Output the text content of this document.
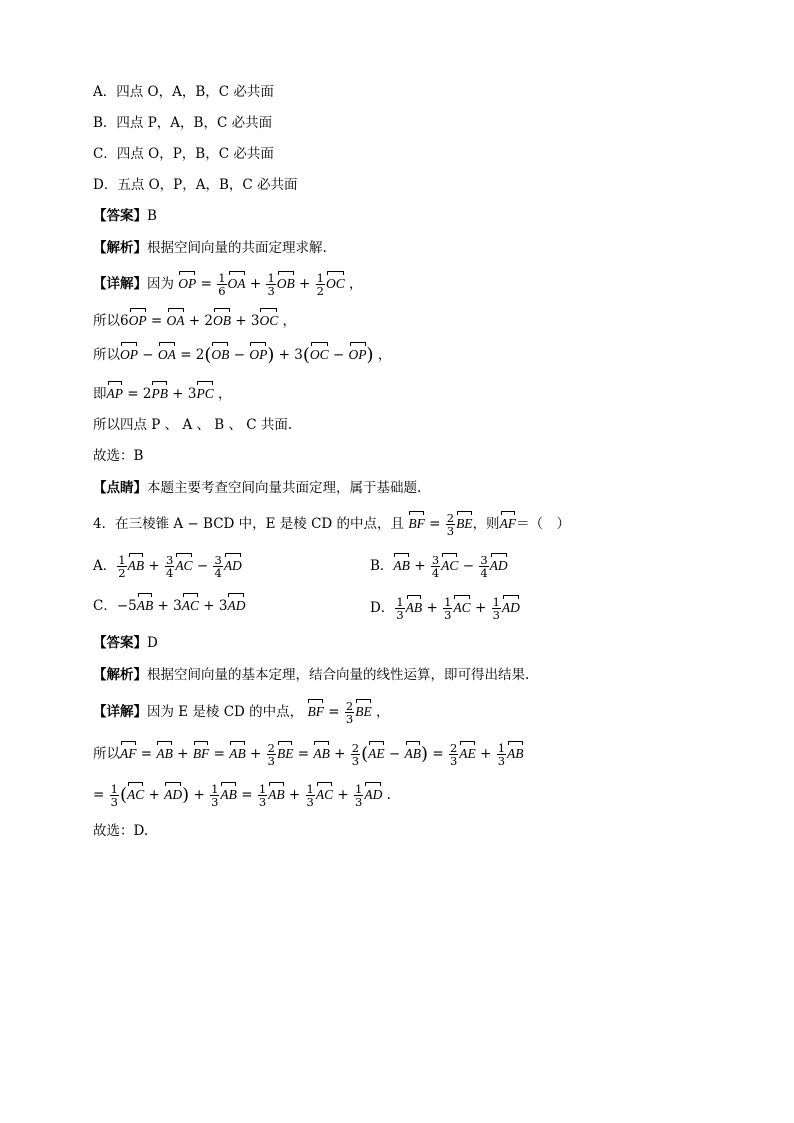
A．四点 O，A，B，C 必共面
B．四点 P，A，B，C 必共面
C．四点 O，P，B，C 必共面
D．五点 O，P，A，B，C 必共面
【答案】B
【解析】根据空间向量的共面定理求解.
【详解】因为 OP = $\frac{1}{6}$ OA + $\frac{1}{3}$ OB + $\frac{1}{2}$ OC ，
所以6OP = OA + 2OB + 3OC ，
所以OP − OA = 2(OB − OP) + 3(OC − OP) ，
即AP = 2PB + 3PC ，
所以四点 P 、 A 、 B 、 C 共面.
故选：B
【点睛】本题主要考查空间向量共面定理，属于基础题.
4．在三棱锥 A − BCD 中，E 是棱 CD 的中点，且 BF = $\frac{2}{3}$ BE，则AF＝（　）
A． $\frac{1}{2}$ AB + $\frac{3}{4}$ AC − $\frac{3}{4}$ AD	B．AB + $\frac{3}{4}$ AC − $\frac{3}{4}$ AD
C．−5AB + 3AC + 3AD	D． $\frac{1}{3}$ AB + $\frac{1}{3}$ AC + $\frac{1}{3}$ AD
【答案】D
【解析】根据空间向量的基本定理，结合向量的线性运算，即可得出结果.
【详解】因为 E 是棱 CD 的中点， BF = $\frac{2}{3}$ BE ，
所以AF = AB + BF = AB + $\frac{2}{3}$ BE = AB + $\frac{2}{3} (AE - AB) = \frac{2}{3}$ AE + $\frac{1}{3}$ AB
= $\frac{1}{3} (AC + AD) + \frac{1}{3}$ AB = $\frac{1}{3}$ AB + $\frac{1}{3}$ AC + $\frac{1}{3}$ AD .
故选：D.
